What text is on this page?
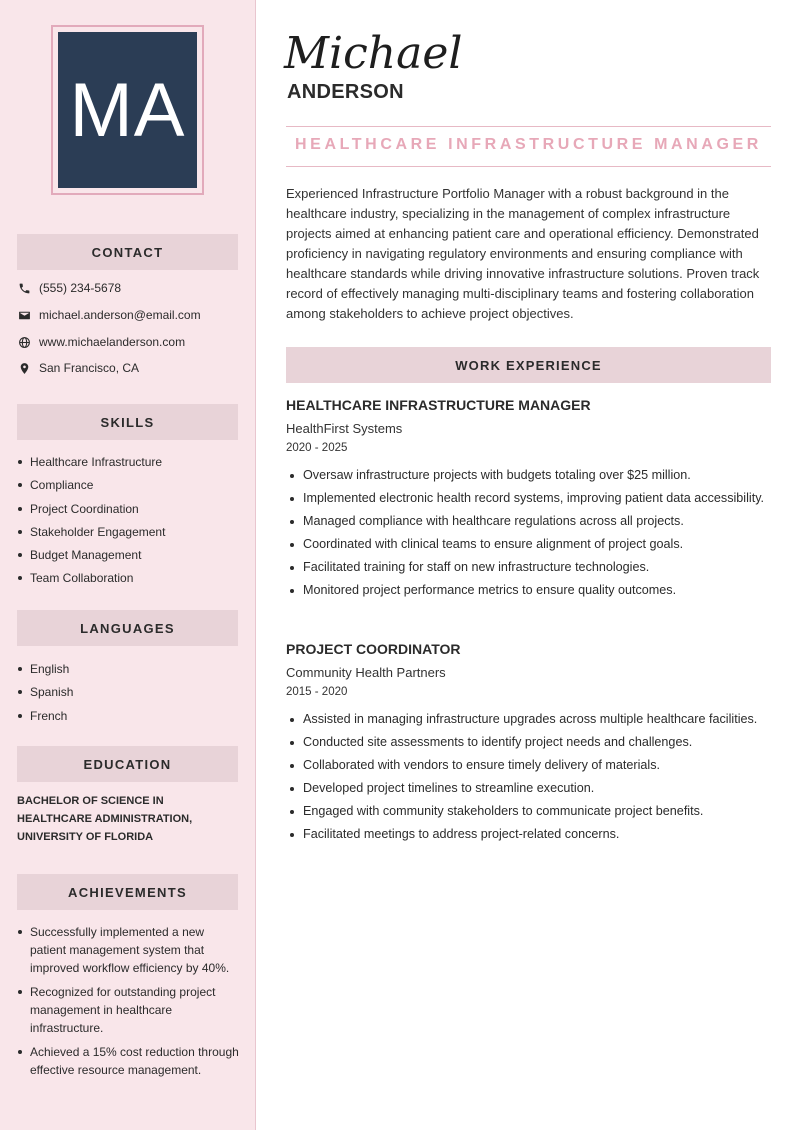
MA
CONTACT
(555) 234-5678
michael.anderson@email.com
www.michaelanderson.com
San Francisco, CA
SKILLS
Healthcare Infrastructure
Compliance
Project Coordination
Stakeholder Engagement
Budget Management
Team Collaboration
LANGUAGES
English
Spanish
French
EDUCATION
BACHELOR OF SCIENCE IN HEALTHCARE ADMINISTRATION, UNIVERSITY OF FLORIDA
ACHIEVEMENTS
Successfully implemented a new patient management system that improved workflow efficiency by 40%.
Recognized for outstanding project management in healthcare infrastructure.
Achieved a 15% cost reduction through effective resource management.
Michael
ANDERSON
HEALTHCARE INFRASTRUCTURE MANAGER

Experienced Infrastructure Portfolio Manager with a robust background in the healthcare industry, specializing in the management of complex infrastructure projects aimed at enhancing patient care and operational efficiency. Demonstrated proficiency in navigating regulatory environments and ensuring compliance with healthcare standards while driving innovative infrastructure solutions. Proven track record of effectively managing multi-disciplinary teams and fostering collaboration among stakeholders to achieve project objectives.

WORK EXPERIENCE
HEALTHCARE INFRASTRUCTURE MANAGER
HealthFirst Systems
2020 - 2025
Oversaw infrastructure projects with budgets totaling over $25 million.
Implemented electronic health record systems, improving patient data accessibility.
Managed compliance with healthcare regulations across all projects.
Coordinated with clinical teams to ensure alignment of project goals.
Facilitated training for staff on new infrastructure technologies.
Monitored project performance metrics to ensure quality outcomes.
PROJECT COORDINATOR
Community Health Partners
2015 - 2020
Assisted in managing infrastructure upgrades across multiple healthcare facilities.
Conducted site assessments to identify project needs and challenges.
Collaborated with vendors to ensure timely delivery of materials.
Developed project timelines to streamline execution.
Engaged with community stakeholders to communicate project benefits.
Facilitated meetings to address project-related concerns.
